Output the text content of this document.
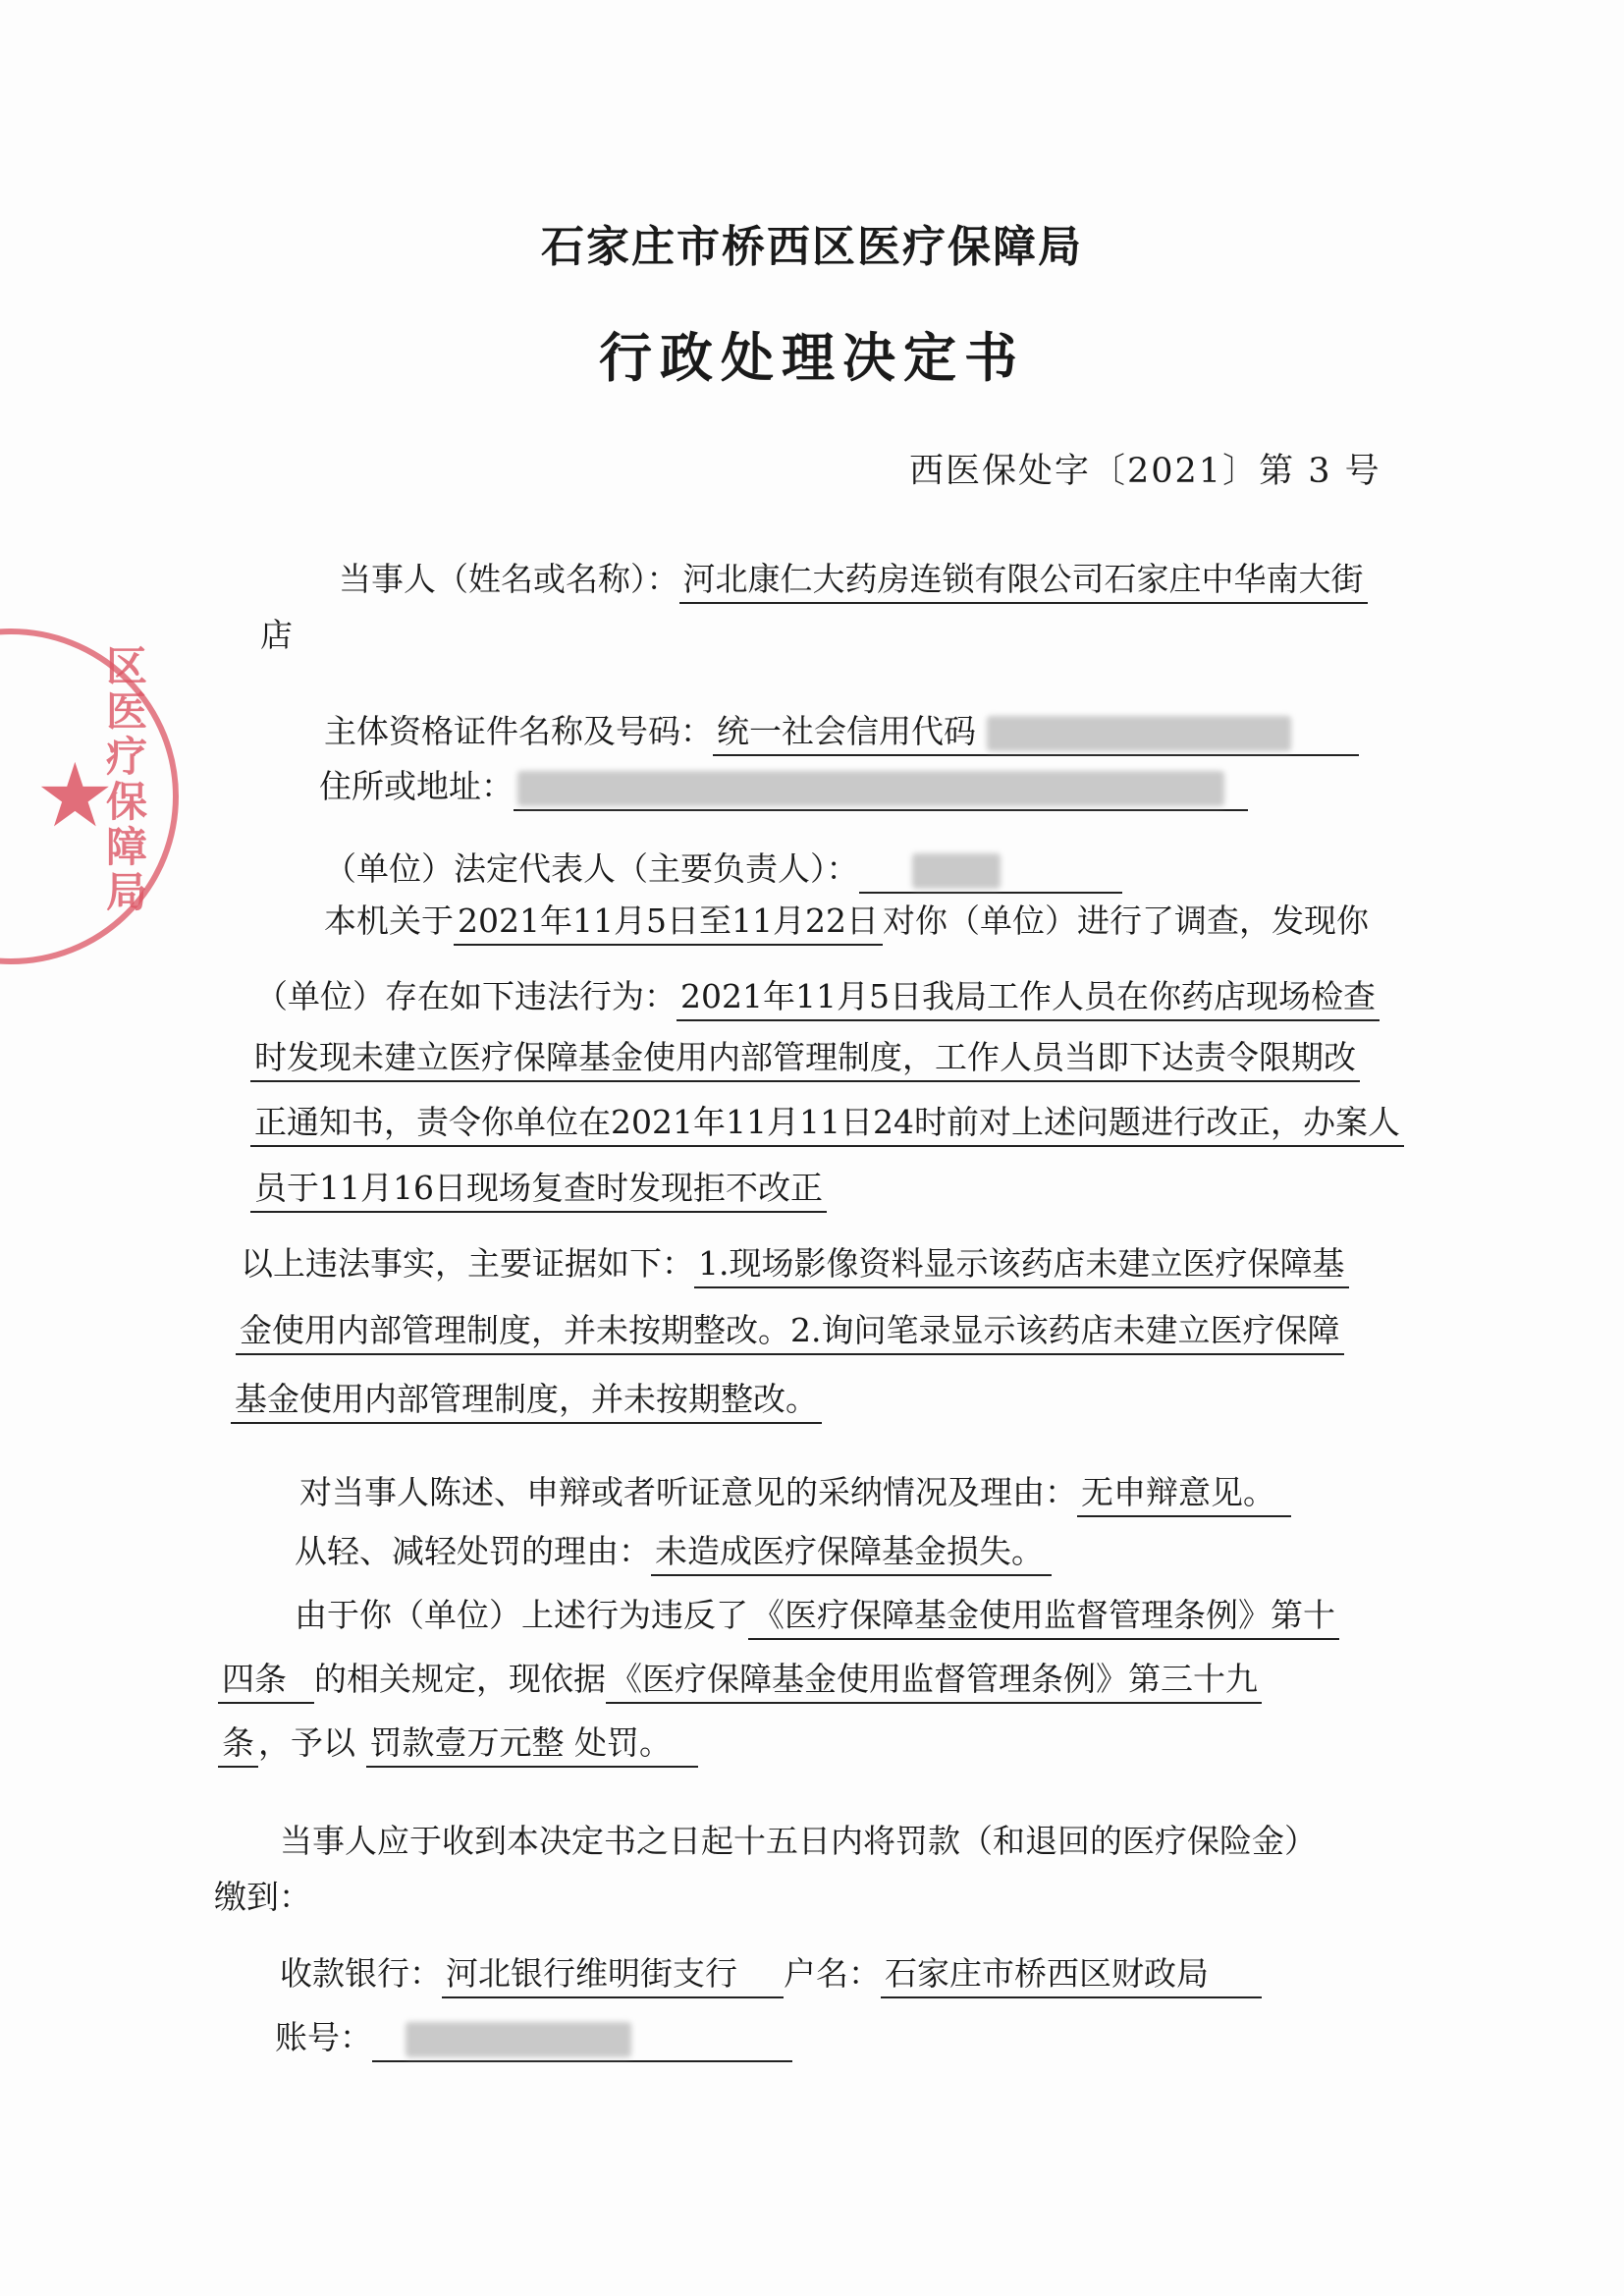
区医疗保障局
★
石家庄市桥西区医疗保障局
行政处理决定书
西医保处字〔2021〕第 3 号
当事人（姓名或名称）： 河北康仁大药房连锁有限公司石家庄中华南大街
店
主体资格证件名称及号码： 统一社会信用代码
住所或地址：
（单位）法定代表人（主要负责人）：
本机关于 2021年11月5日至11月22日 对你（单位）进行了调查，发现你
（单位）存在如下违法行为： 2021年11月5日我局工作人员在你药店现场检查
时发现未建立医疗保障基金使用内部管理制度，工作人员当即下达责令限期改
正通知书，责令你单位在2021年11月11日24时前对上述问题进行改正，办案人
员于11月16日现场复查时发现拒不改正
以上违法事实，主要证据如下： 1.现场影像资料显示该药店未建立医疗保障基
金使用内部管理制度，并未按期整改。2.询问笔录显示该药店未建立医疗保障
基金使用内部管理制度，并未按期整改。
对当事人陈述、申辩或者听证意见的采纳情况及理由： 无申辩意见。
从轻、减轻处罚的理由： 未造成医疗保障基金损失。
由于你（单位）上述行为违反了 《医疗保障基金使用监督管理条例》第十
四条 的相关规定，现依据 《医疗保障基金使用监督管理条例》第三十九
条 ，予以 罚款壹万元整 处罚。
当事人应于收到本决定书之日起十五日内将罚款（和退回的医疗保险金）
缴到：
收款银行： 河北银行维明街支行 户名： 石家庄市桥西区财政局
账号：
